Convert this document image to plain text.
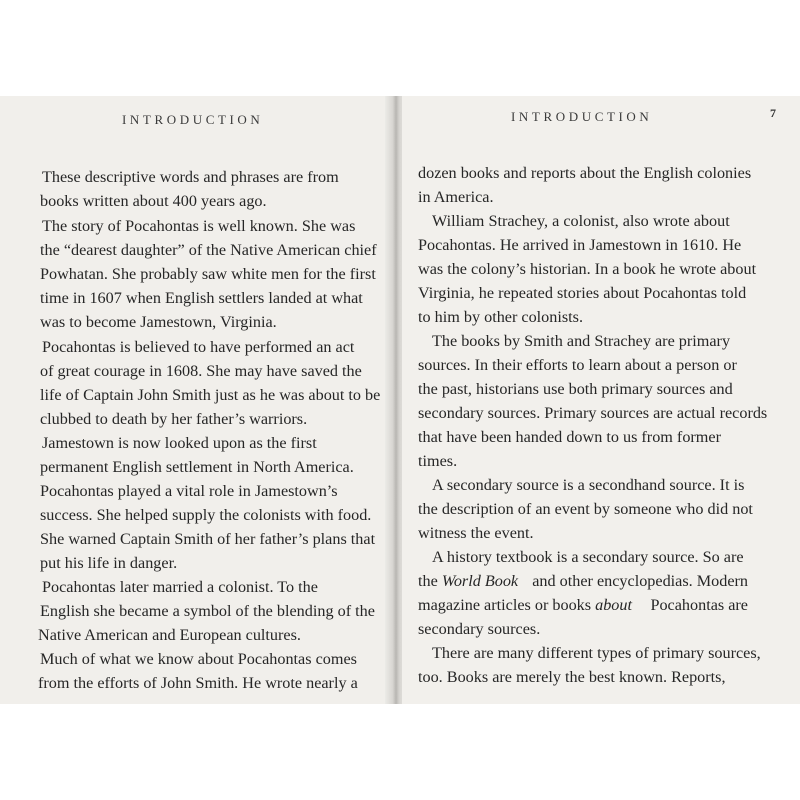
INTRODUCTION
These descriptive words and phrases are from
books written about 400 years ago.
The story of Pocahontas is well known. She was
the “dearest daughter” of the Native American chief
Powhatan. She probably saw white men for the first
time in 1607 when English settlers landed at what
was to become Jamestown, Virginia.
Pocahontas is believed to have performed an act
of great courage in 1608. She may have saved the
life of Captain John Smith just as he was about to be
clubbed to death by her father’s warriors.
Jamestown is now looked upon as the first
permanent English settlement in North America.
Pocahontas played a vital role in Jamestown’s
success. She helped supply the colonists with food.
She warned Captain Smith of her father’s plans that
put his life in danger.
Pocahontas later married a colonist. To the
English she became a symbol of the blending of the
Native American and European cultures.
Much of what we know about Pocahontas comes
from the efforts of John Smith. He wrote nearly a
INTRODUCTION	7
dozen books and reports about the English colonies
in America.
William Strachey, a colonist, also wrote about
Pocahontas. He arrived in Jamestown in 1610. He
was the colony’s historian. In a book he wrote about
Virginia, he repeated stories about Pocahontas told
to him by other colonists.
The books by Smith and Strachey are primary
sources. In their efforts to learn about a person or
the past, historians use both primary sources and
secondary sources. Primary sources are actual records
that have been handed down to us from former
times.
A secondary source is a secondhand source. It is
the description of an event by someone who did not
witness the event.
A history textbook is a secondary source. So are
the World Book and other encyclopedias. Modern
magazine articles or books about Pocahontas are
secondary sources.
There are many different types of primary sources,
too. Books are merely the best known. Reports,
